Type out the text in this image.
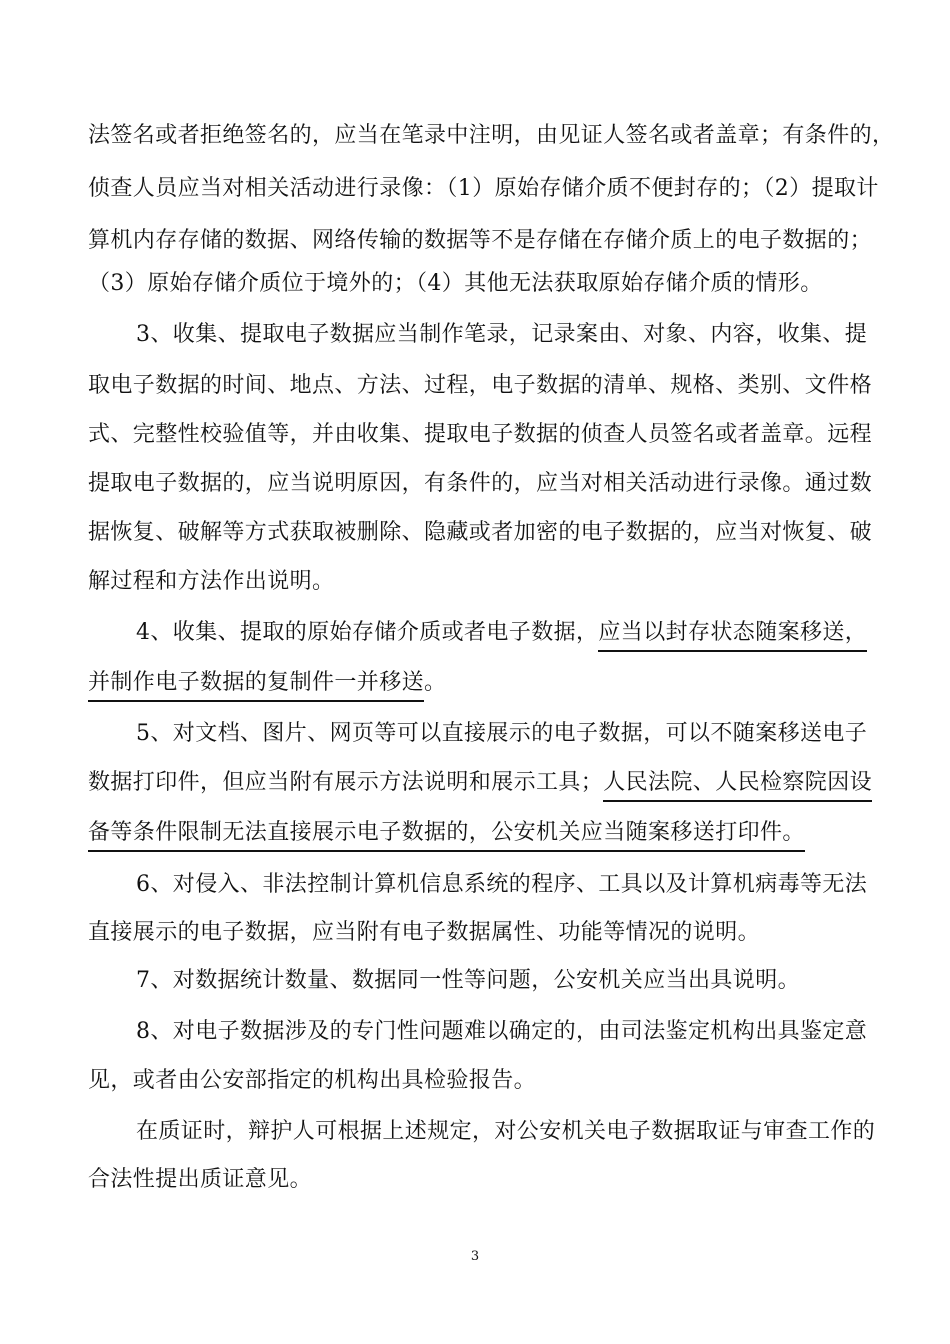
法签名或者拒绝签名的，应当在笔录中注明，由见证人签名或者盖章；有条件的，
侦查人员应当对相关活动进行录像：（1）原始存储介质不便封存的；（2）提取计
算机内存存储的数据、网络传输的数据等不是存储在存储介质上的电子数据的；
（3）原始存储介质位于境外的；（4）其他无法获取原始存储介质的情形。
3、收集、提取电子数据应当制作笔录，记录案由、对象、内容，收集、提
取电子数据的时间、地点、方法、过程，电子数据的清单、规格、类别、文件格
式、完整性校验值等，并由收集、提取电子数据的侦查人员签名或者盖章。远程
提取电子数据的，应当说明原因，有条件的，应当对相关活动进行录像。通过数
据恢复、破解等方式获取被删除、隐藏或者加密的电子数据的，应当对恢复、破
解过程和方法作出说明。
4、收集、提取的原始存储介质或者电子数据，应当以封存状态随案移送，
并制作电子数据的复制件一并移送。
5、对文档、图片、网页等可以直接展示的电子数据，可以不随案移送电子
数据打印件，但应当附有展示方法说明和展示工具；人民法院、人民检察院因设
备等条件限制无法直接展示电子数据的，公安机关应当随案移送打印件。
6、对侵入、非法控制计算机信息系统的程序、工具以及计算机病毒等无法
直接展示的电子数据，应当附有电子数据属性、功能等情况的说明。
7、对数据统计数量、数据同一性等问题，公安机关应当出具说明。
8、对电子数据涉及的专门性问题难以确定的，由司法鉴定机构出具鉴定意
见，或者由公安部指定的机构出具检验报告。
在质证时，辩护人可根据上述规定，对公安机关电子数据取证与审查工作的
合法性提出质证意见。
3
